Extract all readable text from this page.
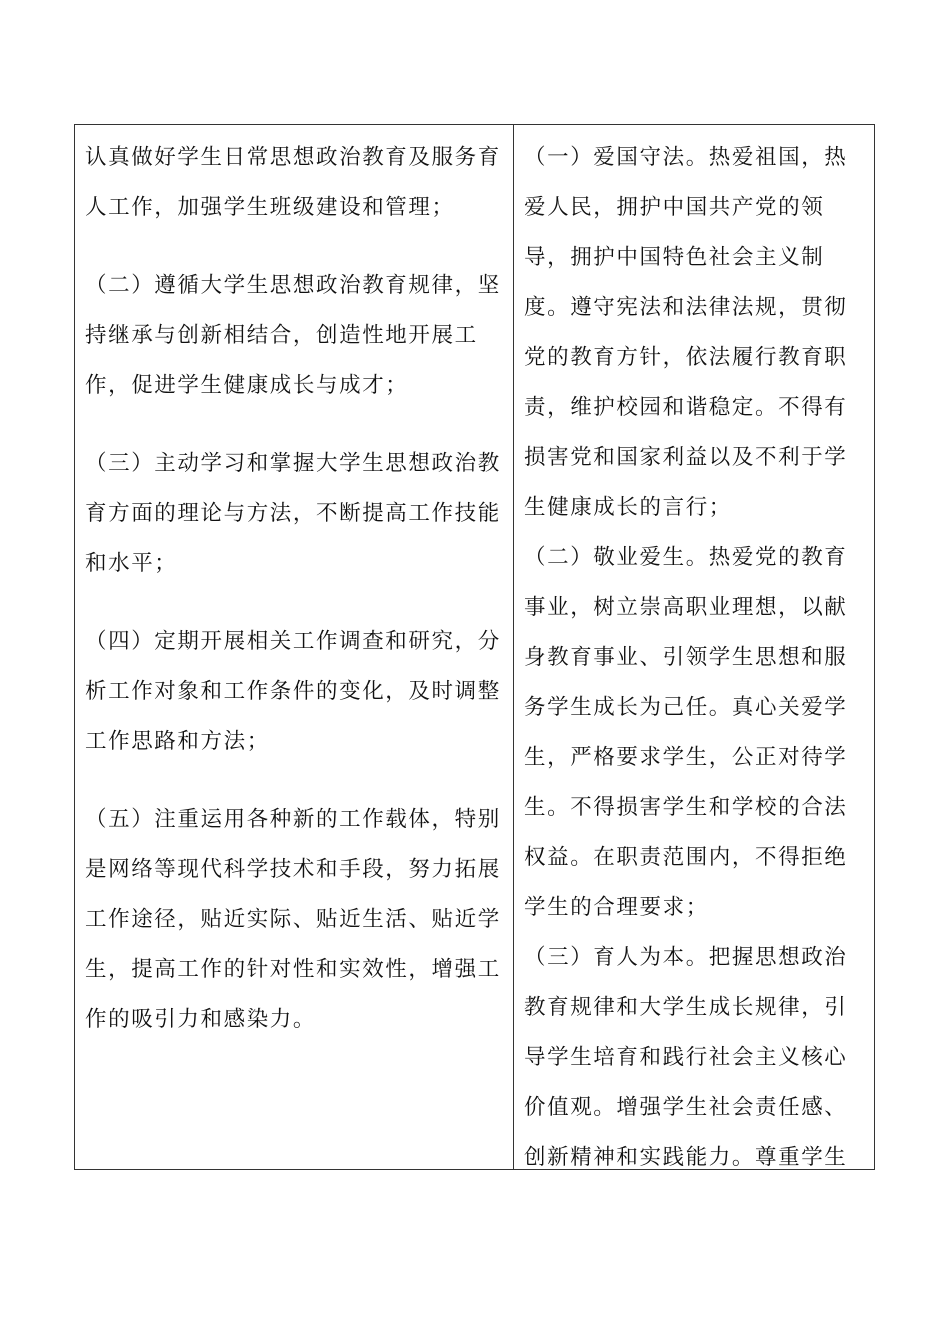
认真做好学生日常思想政治教育及服务育人工作，加强学生班级建设和管理；

（二）遵循大学生思想政治教育规律，坚持继承与创新相结合，创造性地开展工作，促进学生健康成长与成才；

（三）主动学习和掌握大学生思想政治教育方面的理论与方法，不断提高工作技能和水平；

（四）定期开展相关工作调查和研究，分析工作对象和工作条件的变化，及时调整工作思路和方法；

（五）注重运用各种新的工作载体，特别是网络等现代科学技术和手段，努力拓展工作途径，贴近实际、贴近生活、贴近学生，提高工作的针对性和实效性，增强工作的吸引力和感染力。

（一）爱国守法。热爱祖国，热爱人民，拥护中国共产党的领导，拥护中国特色社会主义制度。遵守宪法和法律法规，贯彻党的教育方针，依法履行教育职责，维护校园和谐稳定。不得有损害党和国家利益以及不利于学生健康成长的言行；

（二）敬业爱生。热爱党的教育事业，树立崇高职业理想，以献身教育事业、引领学生思想和服务学生成长为己任。真心关爱学生，严格要求学生，公正对待学生。不得损害学生和学校的合法权益。在职责范围内，不得拒绝学生的合理要求；

（三）育人为本。把握思想政治教育规律和大学生成长规律，引导学生培育和践行社会主义核心价值观。增强学生社会责任感、创新精神和实践能力。尊重学生
